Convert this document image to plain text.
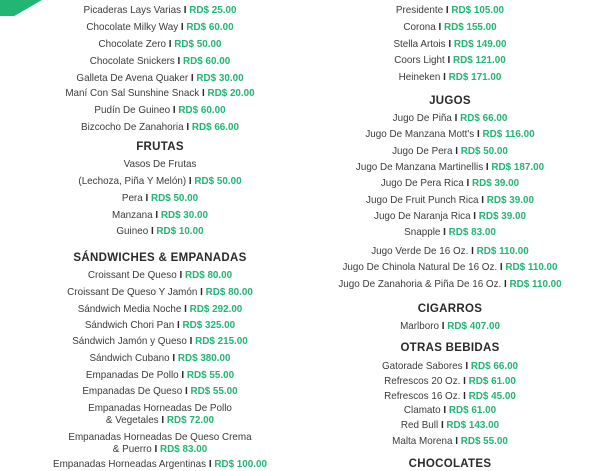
Picaderas Lays Varias I RD$ 25.00
Chocolate Milky Way I RD$ 60.00
Chocolate Zero I RD$ 50.00
Chocolate Snickers I RD$ 60.00
Galleta De Avena Quaker I RD$ 30.00
Maní Con Sal Sunshine Snack I RD$ 20.00
Pudín De Guineo I RD$ 60.00
Bizcocho De Zanahoria I RD$ 66.00
FRUTAS
Vasos De Frutas
(Lechoza, Piña Y Melón) I RD$ 50.00
Pera I RD$ 50.00
Manzana I RD$ 30.00
Guineo I RD$ 10.00
SÁNDWICHES & EMPANADAS
Croissant De Queso I RD$ 80.00
Croissant De Queso Y Jamón I RD$ 80.00
Sándwich Media Noche I RD$ 292.00
Sándwich Chori Pan I RD$ 325.00
Sándwich Jamón y Queso I RD$ 215.00
Sándwich Cubano I RD$ 380.00
Empanadas De Pollo I RD$ 55.00
Empanadas De Queso I RD$ 55.00
Empanadas Horneadas De Pollo
& Vegetales I RD$ 72.00
Empanadas Horneadas De Queso Crema
& Puerro I RD$ 83.00
Empanadas Horneadas Argentinas I RD$ 100.00
Presidente I RD$ 105.00
Corona I RD$ 155.00
Stella Artois I RD$ 149.00
Coors Light I RD$ 121.00
Heineken I RD$ 171.00
JUGOS
Jugo De Piña I RD$ 66.00
Jugo De Manzana Mott's I RD$ 116.00
Jugo De Pera I RD$ 50.00
Jugo De Manzana Martinellis I RD$ 187.00
Jugo De Pera Rica I RD$ 39.00
Jugo De Fruit Punch Rica I RD$ 39.00
Jugo De Naranja Rica I RD$ 39.00
Snapple I RD$ 83.00
Jugo Verde De 16 Oz. I RD$ 110.00
Jugo De Chinola Natural De 16 Oz. I RD$ 110.00
Jugo De Zanahoria & Piña De 16 Oz. I RD$ 110.00
CIGARROS
Marlboro I RD$ 407.00
OTRAS BEBIDAS
Gatorade Sabores I RD$ 66.00
Refrescos 20 Oz. I RD$ 61.00
Refrescos 16 Oz. I RD$ 45.00
Clamato I RD$ 61.00
Red Bull I RD$ 143.00
Malta Morena I RD$ 55.00
CHOCOLATES
